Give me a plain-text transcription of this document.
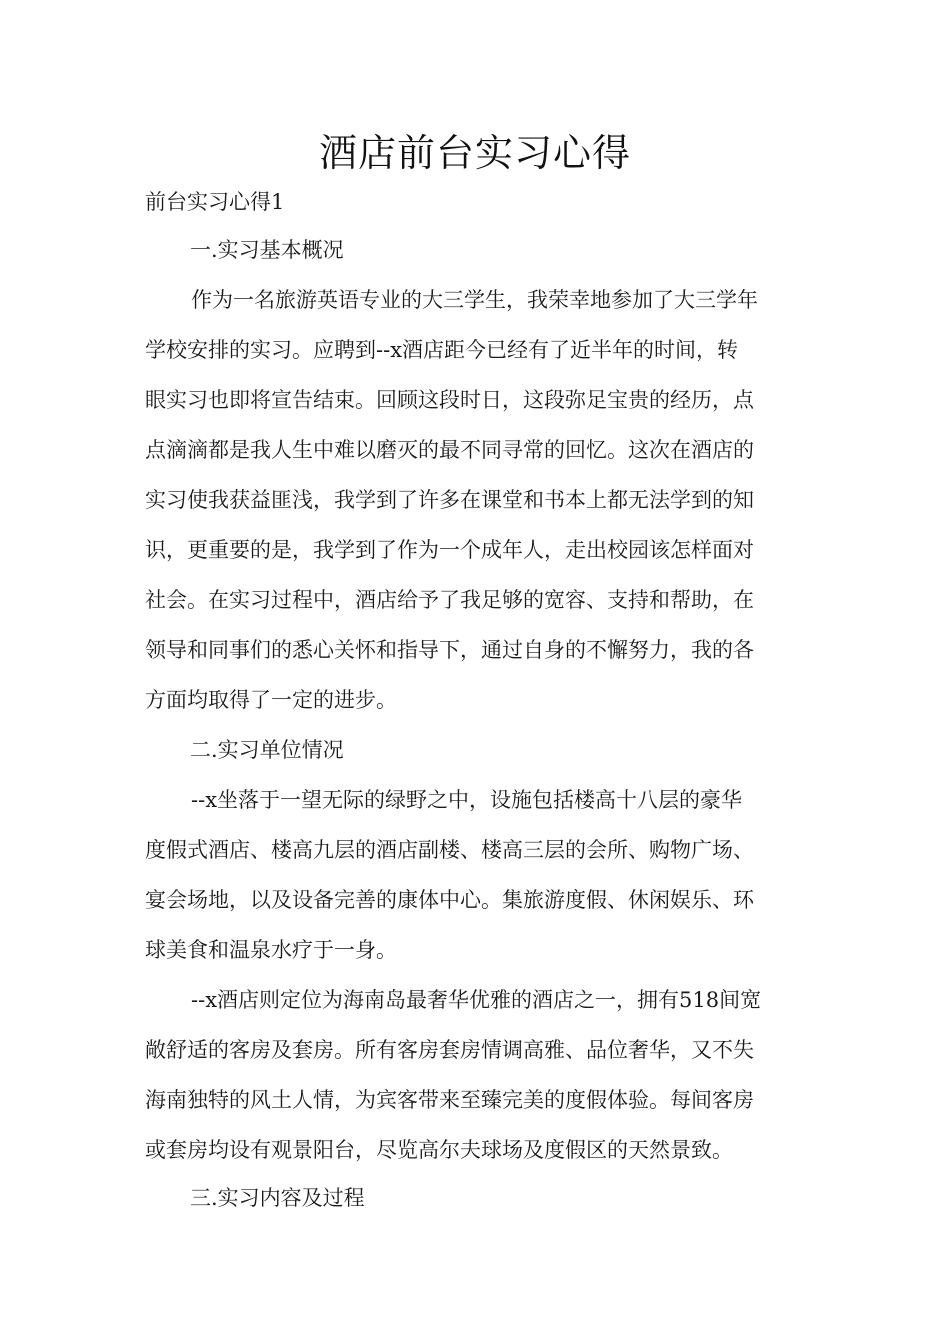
酒店前台实习心得
前台实习心得1
一.实习基本概况
作为一名旅游英语专业的大三学生，我荣幸地参加了大三学年
学校安排的实习。应聘到--x酒店距今已经有了近半年的时间，转
眼实习也即将宣告结束。回顾这段时日，这段弥足宝贵的经历，点
点滴滴都是我人生中难以磨灭的最不同寻常的回忆。这次在酒店的
实习使我获益匪浅，我学到了许多在课堂和书本上都无法学到的知
识，更重要的是，我学到了作为一个成年人，走出校园该怎样面对
社会。在实习过程中，酒店给予了我足够的宽容、支持和帮助，在
领导和同事们的悉心关怀和指导下，通过自身的不懈努力，我的各
方面均取得了一定的进步。
二.实习单位情况
--x坐落于一望无际的绿野之中，设施包括楼高十八层的豪华
度假式酒店、楼高九层的酒店副楼、楼高三层的会所、购物广场、
宴会场地，以及设备完善的康体中心。集旅游度假、休闲娱乐、环
球美食和温泉水疗于一身。
--x酒店则定位为海南岛最奢华优雅的酒店之一，拥有518间宽
敞舒适的客房及套房。所有客房套房情调高雅、品位奢华，又不失
海南独特的风土人情，为宾客带来至臻完美的度假体验。每间客房
或套房均设有观景阳台，尽览高尔夫球场及度假区的天然景致。
三.实习内容及过程
